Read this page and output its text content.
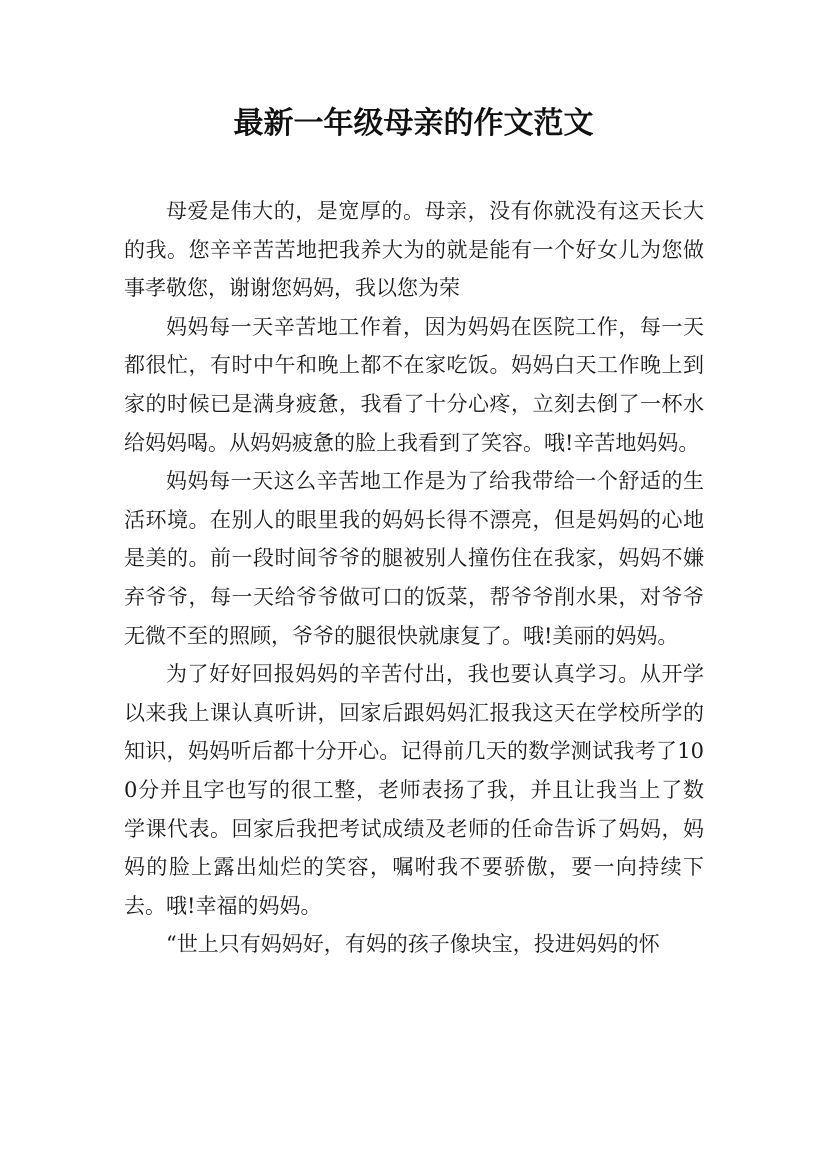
最新一年级母亲的作文范文

母爱是伟大的，是宽厚的。母亲，没有你就没有这天长大的我。您辛辛苦苦地把我养大为的就是能有一个好女儿为您做事孝敬您，谢谢您妈妈，我以您为荣

妈妈每一天辛苦地工作着，因为妈妈在医院工作，每一天都很忙，有时中午和晚上都不在家吃饭。妈妈白天工作晚上到家的时候已是满身疲惫，我看了十分心疼，立刻去倒了一杯水给妈妈喝。从妈妈疲惫的脸上我看到了笑容。哦!辛苦地妈妈。

妈妈每一天这么辛苦地工作是为了给我带给一个舒适的生活环境。在别人的眼里我的妈妈长得不漂亮，但是妈妈的心地是美的。前一段时间爷爷的腿被别人撞伤住在我家，妈妈不嫌弃爷爷，每一天给爷爷做可口的饭菜，帮爷爷削水果，对爷爷无微不至的照顾，爷爷的腿很快就康复了。哦!美丽的妈妈。

为了好好回报妈妈的辛苦付出，我也要认真学习。从开学以来我上课认真听讲，回家后跟妈妈汇报我这天在学校所学的知识，妈妈听后都十分开心。记得前几天的数学测试我考了100分并且字也写的很工整，老师表扬了我，并且让我当上了数学课代表。回家后我把考试成绩及老师的任命告诉了妈妈，妈妈的脸上露出灿烂的笑容，嘱咐我不要骄傲，要一向持续下去。哦!幸福的妈妈。

“世上只有妈妈好，有妈的孩子像块宝，投进妈妈的怀
